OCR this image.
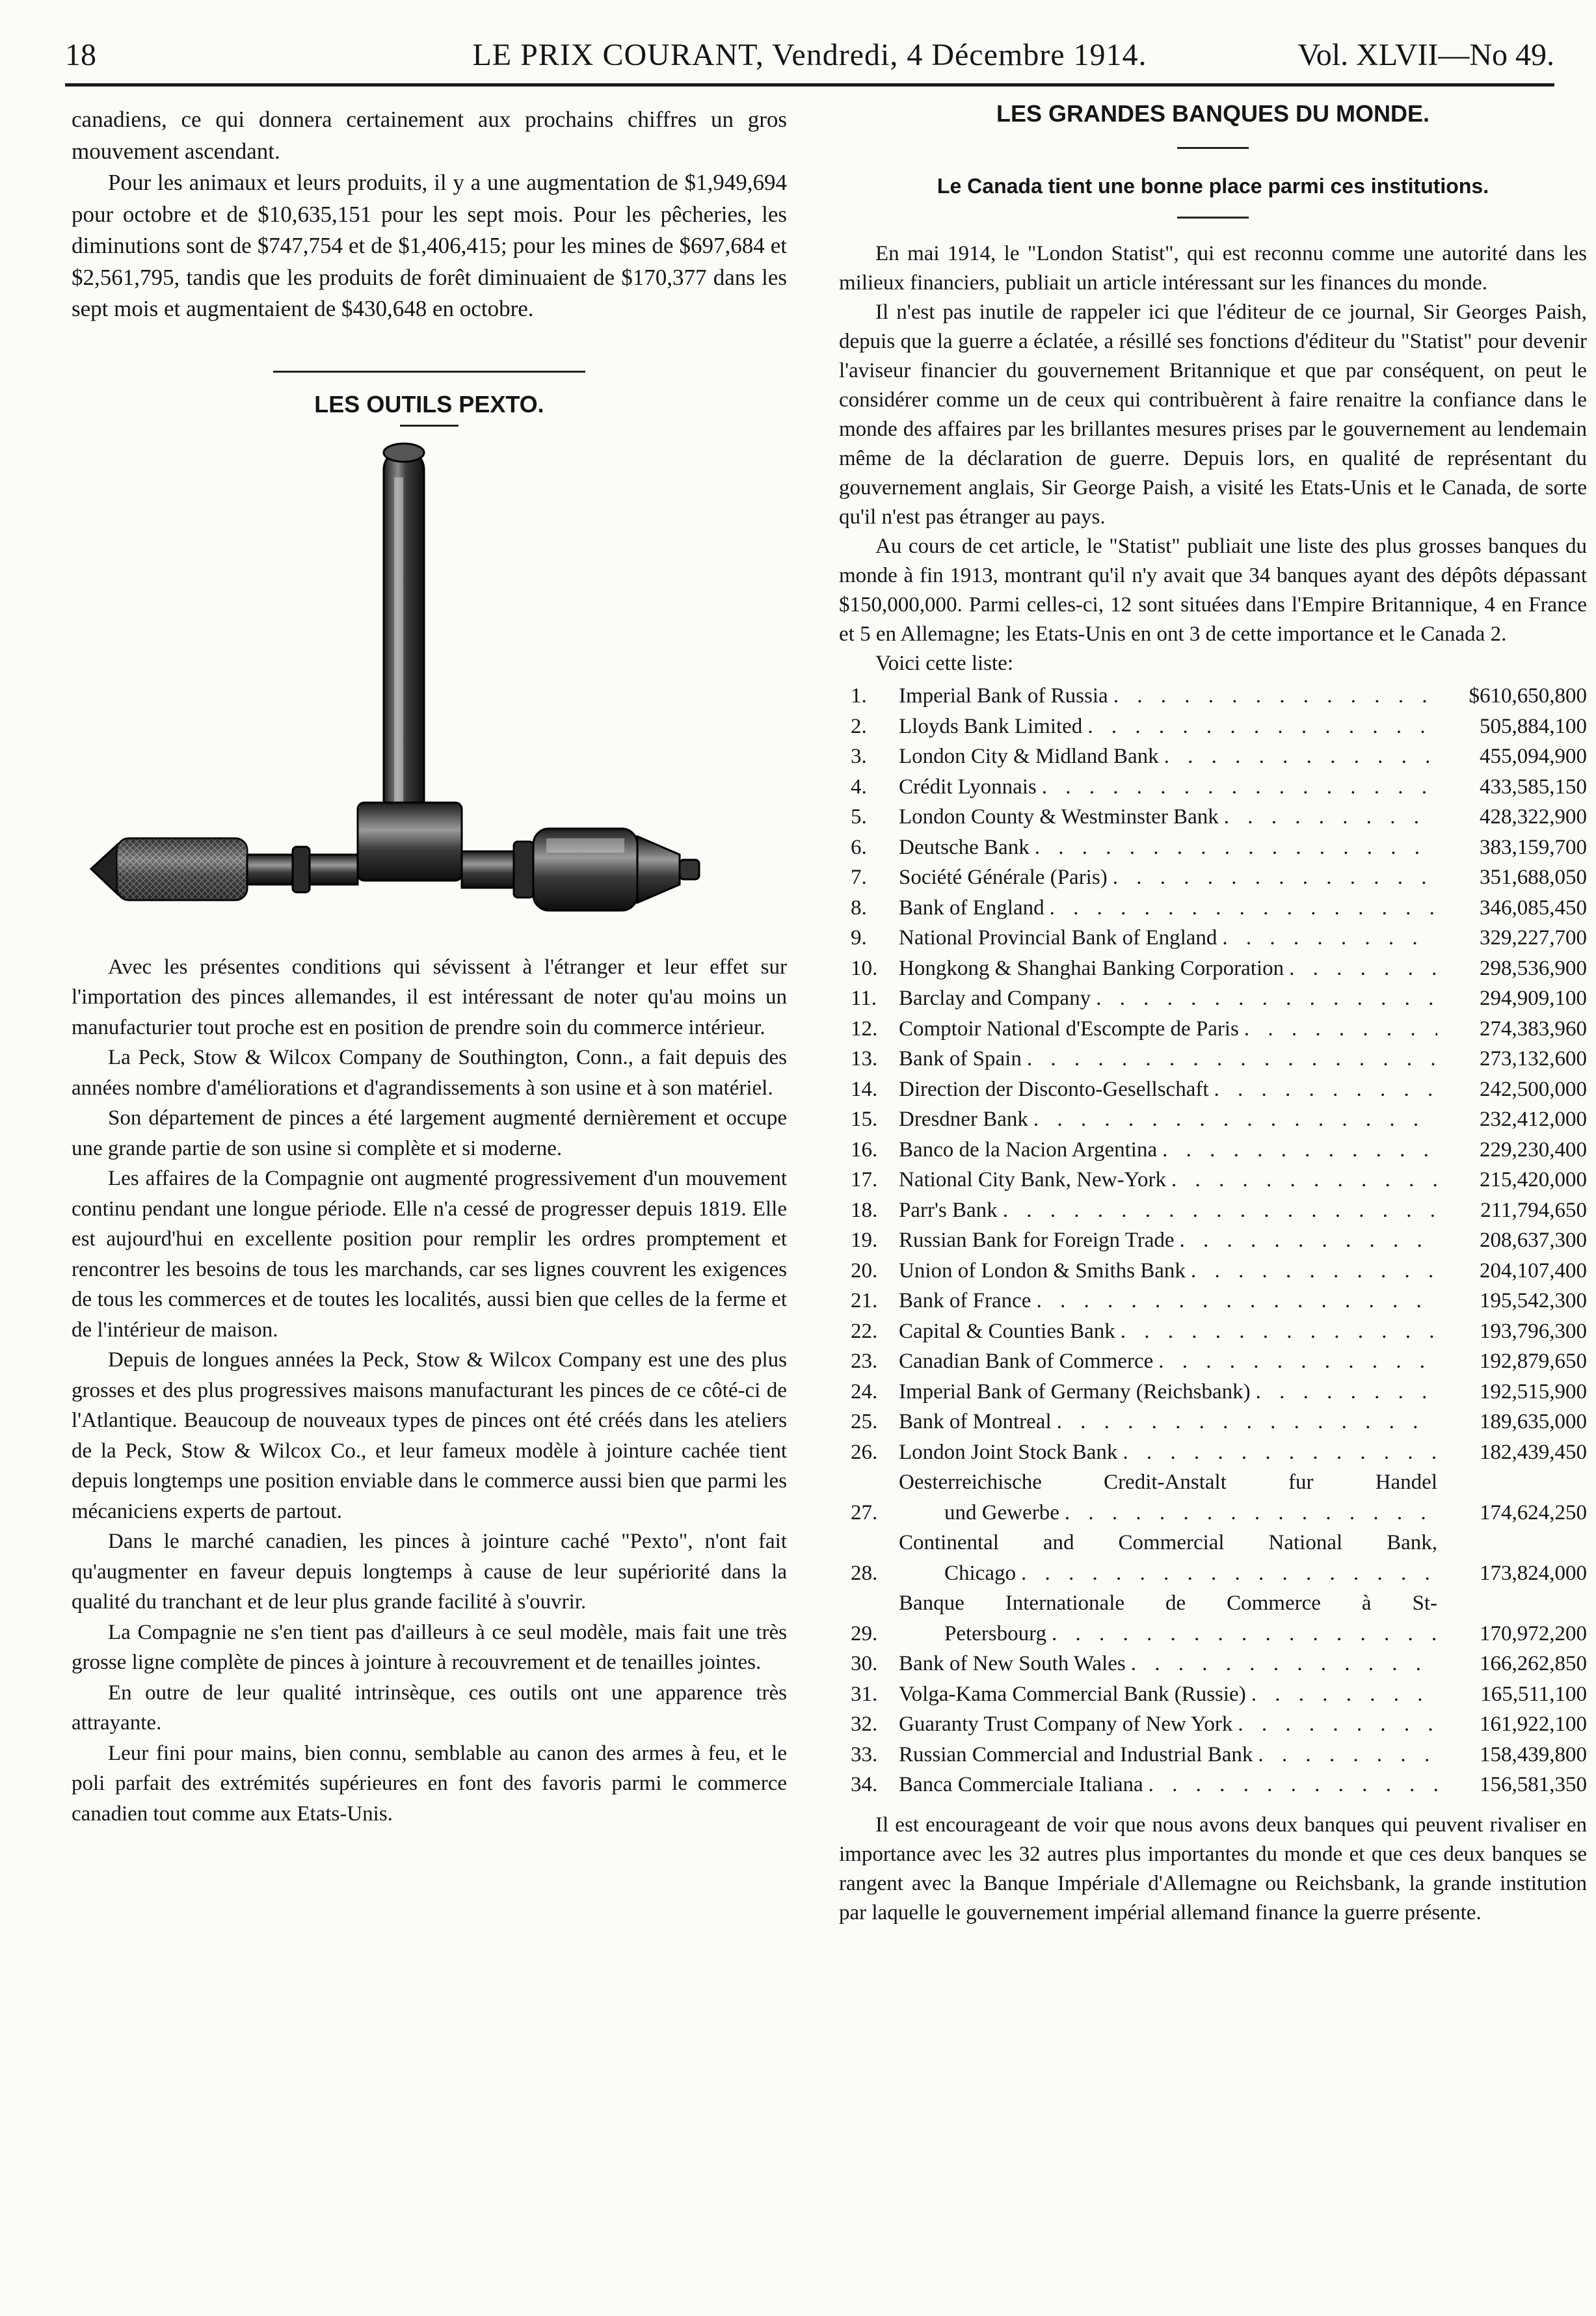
18	LE PRIX COURANT, Vendredi, 4 Décembre 1914.	Vol. XLVII—No 49.

canadiens, ce qui donnera certainement aux prochains chiffres un gros mouvement ascendant.

Pour les animaux et leurs produits, il y a une augmentation de $1,949,694 pour octobre et de $10,635,151 pour les sept mois. Pour les pêcheries, les diminutions sont de $747,754 et de $1,406,415; pour les mines de $697,684 et $2,561,795, tandis que les produits de forêt diminuaient de $170,377 dans les sept mois et augmentaient de $430,648 en octobre.

LES OUTILS PEXTO.

Avec les présentes conditions qui sévissent à l'étranger et leur effet sur l'importation des pinces allemandes, il est intéressant de noter qu'au moins un manufacturier tout proche est en position de prendre soin du commerce intérieur.

La Peck, Stow & Wilcox Company de Southington, Conn., a fait depuis des années nombre d'améliorations et d'agrandissements à son usine et à son matériel.

Son département de pinces a été largement augmenté dernièrement et occupe une grande partie de son usine si complète et si moderne.

Les affaires de la Compagnie ont augmenté progressivement d'un mouvement continu pendant une longue période. Elle n'a cessé de progresser depuis 1819. Elle est aujourd'hui en excellente position pour remplir les ordres promptement et rencontrer les besoins de tous les marchands, car ses lignes couvrent les exigences de tous les commerces et de toutes les localités, aussi bien que celles de la ferme et de l'intérieur de maison.

Depuis de longues années la Peck, Stow & Wilcox Company est une des plus grosses et des plus progressives maisons manufacturant les pinces de ce côté-ci de l'Atlantique. Beaucoup de nouveaux types de pinces ont été créés dans les ateliers de la Peck, Stow & Wilcox Co., et leur fameux modèle à jointure cachée tient depuis longtemps une position enviable dans le commerce aussi bien que parmi les mécaniciens experts de partout.

Dans le marché canadien, les pinces à jointure caché "Pexto", n'ont fait qu'augmenter en faveur depuis longtemps à cause de leur supériorité dans la qualité du tranchant et de leur plus grande facilité à s'ouvrir.

La Compagnie ne s'en tient pas d'ailleurs à ce seul modèle, mais fait une très grosse ligne complète de pinces à jointure à recouvrement et de tenailles jointes.

En outre de leur qualité intrinsèque, ces outils ont une apparence très attrayante.

Leur fini pour mains, bien connu, semblable au canon des armes à feu, et le poli parfait des extrémités supérieures en font des favoris parmi le commerce canadien tout comme aux Etats-Unis.

LES GRANDES BANQUES DU MONDE.

Le Canada tient une bonne place parmi ces institutions.

En mai 1914, le "London Statist", qui est reconnu comme une autorité dans les milieux financiers, publiait un article intéressant sur les finances du monde.

Il n'est pas inutile de rappeler ici que l'éditeur de ce journal, Sir Georges Paish, depuis que la guerre a éclatée, a résillé ses fonctions d'éditeur du "Statist" pour devenir l'aviseur financier du gouvernement Britannique et que par conséquent, on peut le considérer comme un de ceux qui contribuèrent à faire renaitre la confiance dans le monde des affaires par les brillantes mesures prises par le gouvernement au lendemain même de la déclaration de guerre. Depuis lors, en qualité de représentant du gouvernement anglais, Sir George Paish, a visité les Etats-Unis et le Canada, de sorte qu'il n'est pas étranger au pays.

Au cours de cet article, le "Statist" publiait une liste des plus grosses banques du monde à fin 1913, montrant qu'il n'y avait que 34 banques ayant des dépôts dépassant $150,000,000. Parmi celles-ci, 12 sont situées dans l'Empire Britannique, 4 en France et 5 en Allemagne; les Etats-Unis en ont 3 de cette importance et le Canada 2.

Voici cette liste:

1.	Imperial Bank of Russia . . .	$610,650,800
2.	Lloyds Bank Limited . . .	505,884,100
3.	London City & Midland Bank . . .	455,094,900
4.	Crédit Lyonnais . . .	433,585,150
5.	London County & Westminster Bank . . .	428,322,900
6.	Deutsche Bank . . .	383,159,700
7.	Société Générale (Paris) . . .	351,688,050
8.	Bank of England . . .	346,085,450
9.	National Provincial Bank of England . . .	329,227,700
10. Hongkong & Shanghai Banking Corporation . . .	298,536,900
11.	Barclay and Company . . .	294,909,100
12. Comptoir National d'Escompte de Paris . . .	274,383,960
13. Bank of Spain . . .	273,132,600
14. Direction der Disconto-Gesellschaft . . .	242,500,000
15. Dresdner Bank . . .	232,412,000
16. Banco de la Nacion Argentina . . .	229,230,400
17. National City Bank, New-York . . .	215,420,000
18. Parr's Bank . . .	211,794,650
19. Russian Bank for Foreign Trade . . .	208,637,300
20. Union of London & Smiths Bank . . .	204,107,400
21. Bank of France . . .	195,542,300
22. Capital & Counties Bank . . .	193,796,300
23. Canadian Bank of Commerce . . .	192,879,650
24. Imperial Bank of Germany (Reichsbank) . . .	192,515,900
25. Bank of Montreal . . .	189,635,000
26. London Joint Stock Bank . . .	182,439,450
27.
Oesterreichische Credit-Anstalt fur Handel
und Gewerbe . . .	174,624,250
28.
Continental and Commercial National Bank,
Chicago . . .	173,824,000
29.
Banque Internationale de Commerce à St-
Petersbourg . . .	170,972,200
30. Bank of New South Wales . . .	166,262,850
31. Volga-Kama Commercial Bank (Russie) . . .	165,511,100
32. Guaranty Trust Company of New York . . .	161,922,100
33. Russian Commercial and Industrial Bank . . .	158,439,800
34. Banca Commerciale Italiana . . .	156,581,350

Il est encourageant de voir que nous avons deux banques qui peuvent rivaliser en importance avec les 32 autres plus importantes du monde et que ces deux banques se rangent avec la Banque Impériale d'Allemagne ou Reichsbank, la grande institution par laquelle le gouvernement impérial allemand finance la guerre présente.
